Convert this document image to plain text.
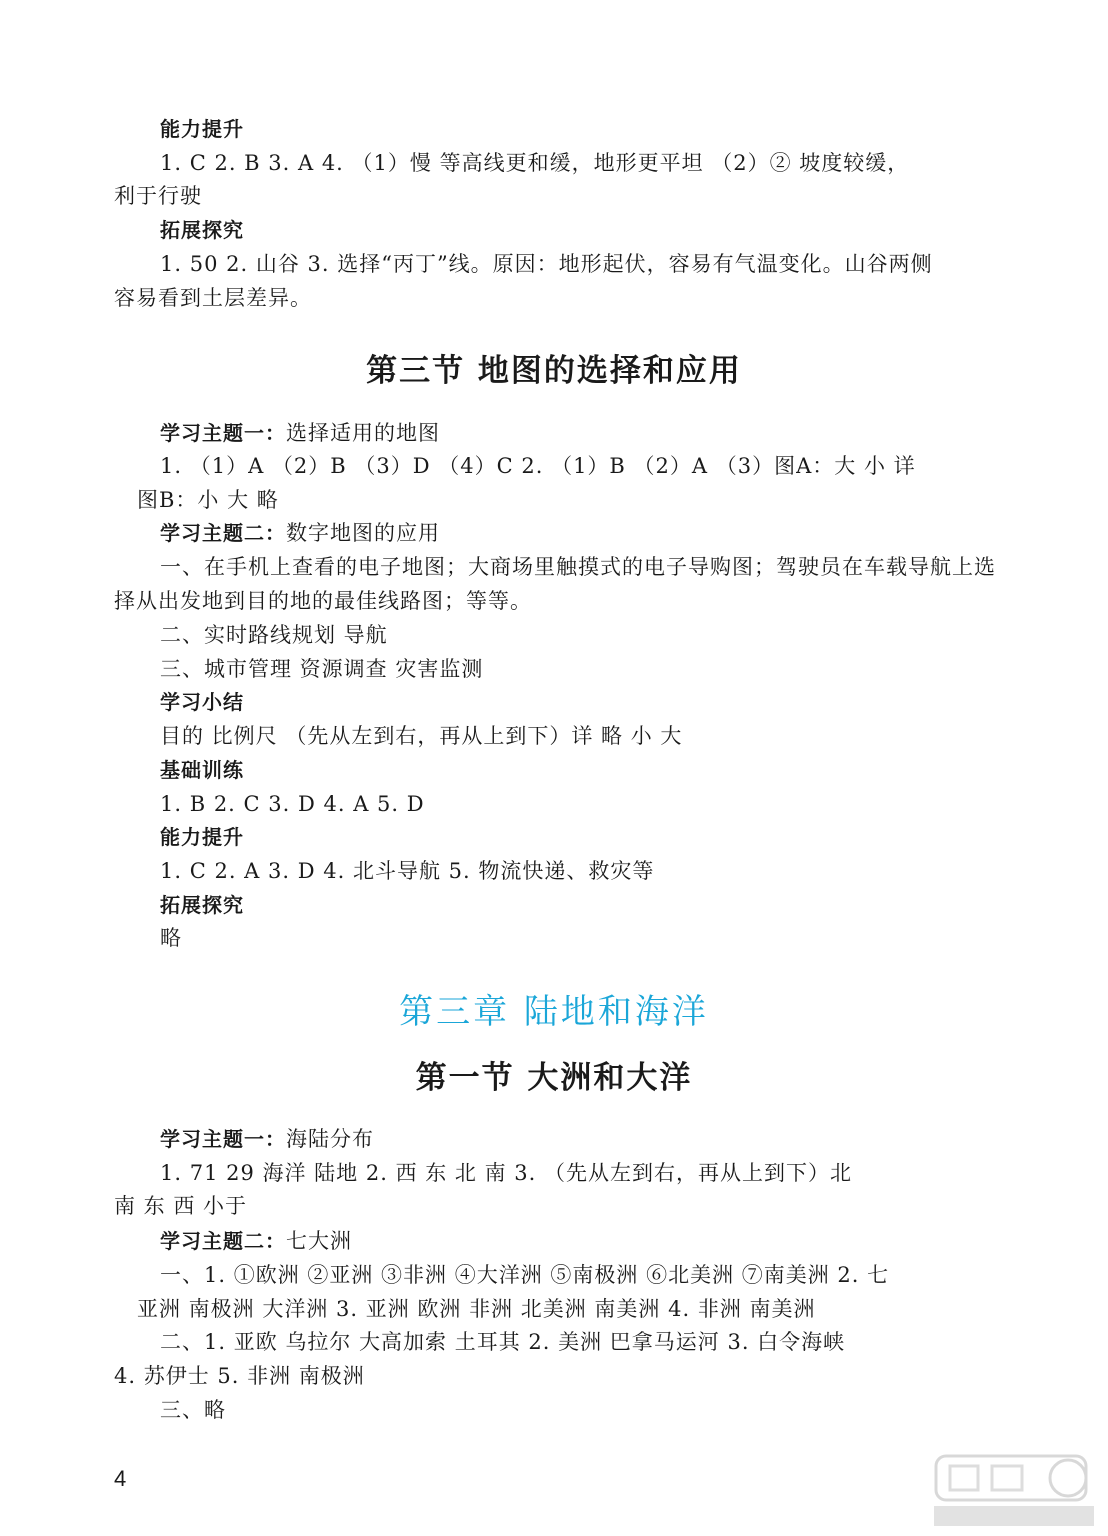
能力提升
1. C 2. B 3. A 4. （1）慢 等高线更和缓，地形更平坦 （2）② 坡度较缓，
利于行驶
拓展探究
1. 50 2. 山谷 3. 选择“丙丁”线。原因：地形起伏，容易有气温变化。山谷两侧
容易看到土层差异。
第三节 地图的选择和应用
学习主题一：选择适用的地图
1. （1）A （2）B （3）D （4）C 2. （1）B （2）A （3）图A：大 小 详
图B：小 大 略
学习主题二：数字地图的应用
一、在手机上查看的电子地图；大商场里触摸式的电子导购图；驾驶员在车载导航上选
择从出发地到目的地的最佳线路图；等等。
二、实时路线规划 导航
三、城市管理 资源调查 灾害监测
学习小结
目的 比例尺 （先从左到右，再从上到下）详 略 小 大
基础训练
1. B 2. C 3. D 4. A 5. D
能力提升
1. C 2. A 3. D 4. 北斗导航 5. 物流快递、救灾等
拓展探究
略
第三章 陆地和海洋
第一节 大洲和大洋
学习主题一：海陆分布
1. 71 29 海洋 陆地 2. 西 东 北 南 3. （先从左到右，再从上到下）北
南 东 西 小于
学习主题二：七大洲
一、1. ①欧洲 ②亚洲 ③非洲 ④大洋洲 ⑤南极洲 ⑥北美洲 ⑦南美洲 2. 七
亚洲 南极洲 大洋洲 3. 亚洲 欧洲 非洲 北美洲 南美洲 4. 非洲 南美洲
二、1. 亚欧 乌拉尔 大高加索 土耳其 2. 美洲 巴拿马运河 3. 白令海峡
4. 苏伊士 5. 非洲 南极洲
三、略
4
